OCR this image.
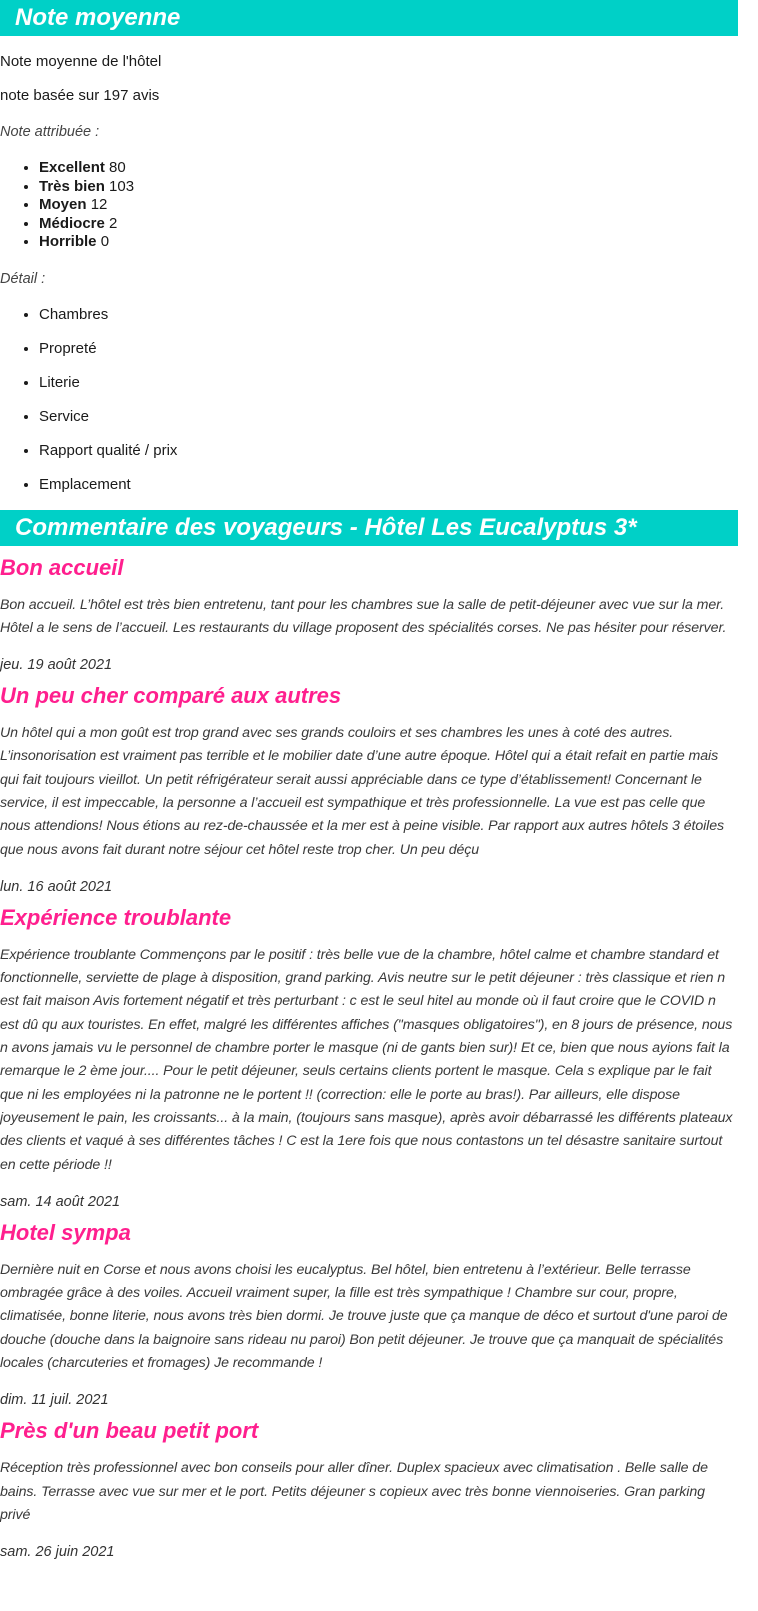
Note moyenne

Note moyenne de l'hôtel

note basée sur 197 avis

Note attribuée :

• Excellent 80
• Très bien 103
• Moyen 12
• Médiocre 2
• Horrible 0

Détail :

• Chambres
• Propreté
• Literie
• Service
• Rapport qualité / prix
• Emplacement
Commentaire des voyageurs - Hôtel Les Eucalyptus 3*
Bon accueil

Bon accueil. L’hôtel est très bien entretenu, tant pour les chambres sue la salle de petit-déjeuner avec vue sur la mer. Hôtel a le sens de l’accueil. Les restaurants du village proposent des spécialités corses. Ne pas hésiter pour réserver.

jeu. 19 août 2021

Un peu cher comparé aux autres

Un hôtel qui a mon goût est trop grand avec ses grands couloirs et ses chambres les unes à coté des autres. L’insonorisation est vraiment pas terrible et le mobilier date d’une autre époque. Hôtel qui a était refait en partie mais qui fait toujours vieillot. Un petit réfrigérateur serait aussi appréciable dans ce type d’établissement! Concernant le service, il est impeccable, la personne a l’accueil est sympathique et très professionnelle. La vue est pas celle que nous attendions! Nous étions au rez-de-chaussée et la mer est à peine visible. Par rapport aux autres hôtels 3 étoiles que nous avons fait durant notre séjour cet hôtel reste trop cher. Un peu déçu

lun. 16 août 2021

Expérience troublante

Expérience troublante Commençons par le positif : très belle vue de la chambre, hôtel calme et chambre standard et fonctionnelle, serviette de plage à disposition, grand parking. Avis neutre sur le petit déjeuner : très classique et rien n est fait maison Avis fortement négatif et très perturbant : c est le seul hitel au monde où il faut croire que le COVID n est dû qu aux touristes. En effet, malgré les différentes affiches ("masques obligatoires"), en 8 jours de présence, nous n avons jamais vu le personnel de chambre porter le masque (ni de gants bien sur)! Et ce, bien que nous ayions fait la remarque le 2 ème jour.... Pour le petit déjeuner, seuls certains clients portent le masque. Cela s explique par le fait que ni les employées ni la patronne ne le portent !! (correction: elle le porte au bras!). Par ailleurs, elle dispose joyeusement le pain, les croissants... à la main, (toujours sans masque), après avoir débarrassé les différents plateaux des clients et vaqué à ses différentes tâches ! C est la 1ere fois que nous contastons un tel désastre sanitaire surtout en cette période !!

sam. 14 août 2021

Hotel sympa

Dernière nuit en Corse et nous avons choisi les eucalyptus. Bel hôtel, bien entretenu à l’extérieur. Belle terrasse ombragée grâce à des voiles. Accueil vraiment super, la fille est très sympathique ! Chambre sur cour, propre, climatisée, bonne literie, nous avons très bien dormi. Je trouve juste que ça manque de déco et surtout d'une paroi de douche (douche dans la baignoire sans rideau nu paroi) Bon petit déjeuner. Je trouve que ça manquait de spécialités locales (charcuteries et fromages) Je recommande !

dim. 11 juil. 2021

Près d'un beau petit port

Réception très professionnel avec bon conseils pour aller dîner. Duplex spacieux avec climatisation . Belle salle de bains. Terrasse avec vue sur mer et le port. Petits déjeuner s copieux avec très bonne viennoiseries. Gran parking privé

sam. 26 juin 2021
